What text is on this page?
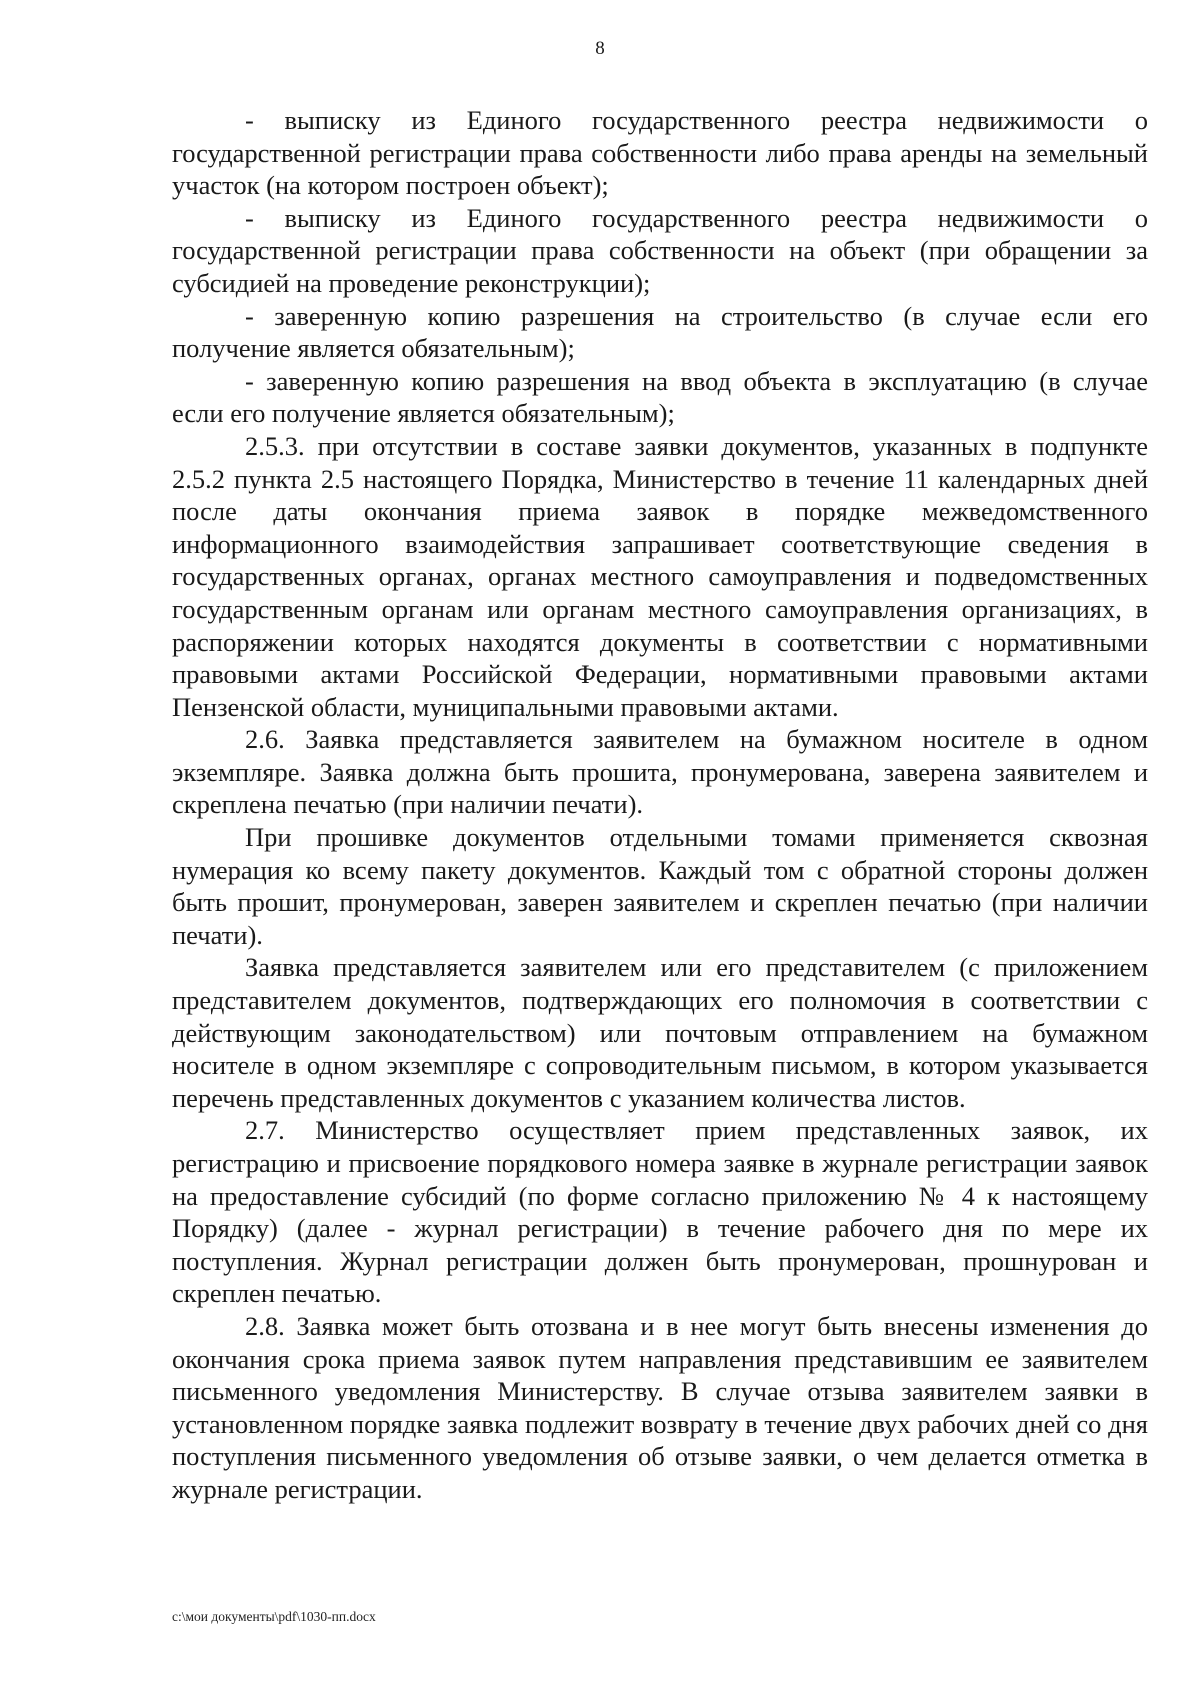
8

- выписку из Единого государственного реестра недвижимости о государственной регистрации права собственности либо права аренды на земельный участок (на котором построен объект);

- выписку из Единого государственного реестра недвижимости о государственной регистрации права собственности на объект (при обращении за субсидией на проведение реконструкции);

- заверенную копию разрешения на строительство (в случае если его получение является обязательным);

- заверенную копию разрешения на ввод объекта в эксплуатацию (в случае если его получение является обязательным);

2.5.3. при отсутствии в составе заявки документов, указанных в подпункте 2.5.2 пункта 2.5 настоящего Порядка, Министерство в течение 11 календарных дней после даты окончания приема заявок в порядке межведомственного информационного взаимодействия запрашивает соответствующие сведения в государственных органах, органах местного самоуправления и подведомственных государственным органам или органам местного самоуправления организациях, в распоряжении которых находятся документы в соответствии с нормативными правовыми актами Российской Федерации, нормативными правовыми актами Пензенской области, муниципальными правовыми актами.

2.6. Заявка представляется заявителем на бумажном носителе в одном экземпляре. Заявка должна быть прошита, пронумерована, заверена заявителем и скреплена печатью (при наличии печати).

При прошивке документов отдельными томами применяется сквозная нумерация ко всему пакету документов. Каждый том с обратной стороны должен быть прошит, пронумерован, заверен заявителем и скреплен печатью (при наличии печати).

Заявка представляется заявителем или его представителем (с приложением представителем документов, подтверждающих его полномочия в соответствии с действующим законодательством) или почтовым отправлением на бумажном носителе в одном экземпляре с сопроводительным письмом, в котором указывается перечень представленных документов с указанием количества листов.

2.7. Министерство осуществляет прием представленных заявок, их регистрацию и присвоение порядкового номера заявке в журнале регистрации заявок на предоставление субсидий (по форме согласно приложению № 4 к настоящему Порядку) (далее - журнал регистрации) в течение рабочего дня по мере их поступления. Журнал регистрации должен быть пронумерован, прошнурован и скреплен печатью.

2.8. Заявка может быть отозвана и в нее могут быть внесены изменения до окончания срока приема заявок путем направления представившим ее заявителем письменного уведомления Министерству. В случае отзыва заявителем заявки в установленном порядке заявка подлежит возврату в течение двух рабочих дней со дня поступления письменного уведомления об отзыве заявки, о чем делается отметка в журнале регистрации.

c:\мои документы\pdf\1030-пп.docx
